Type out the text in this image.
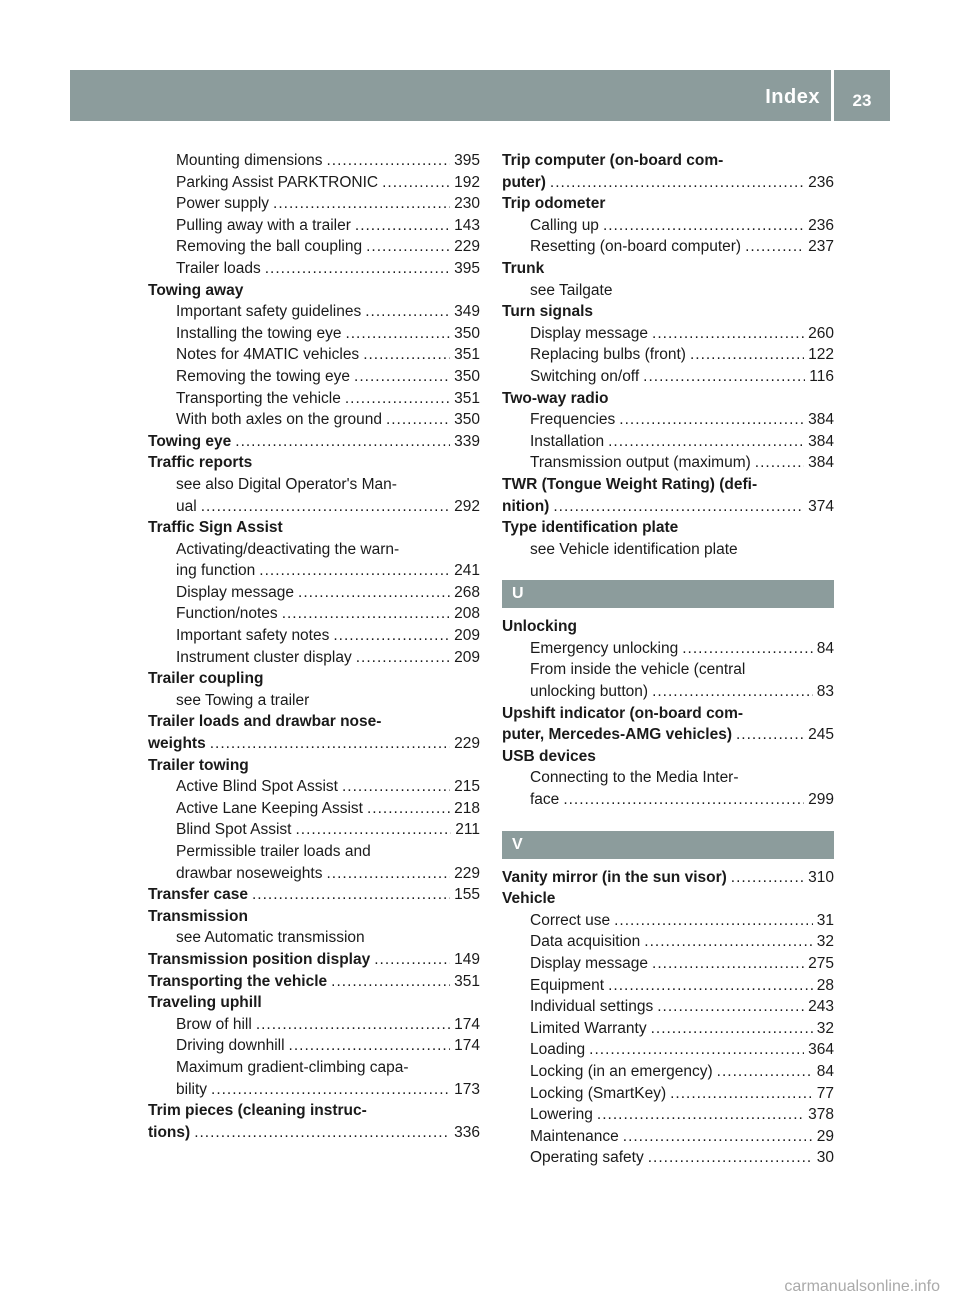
Index	23
Mounting dimensions .....	395
Parking Assist PARKTRONIC .....	192
Power supply .....	230
Pulling away with a trailer .....	143
Removing the ball coupling .....	229
Trailer loads .....	395
Towing away
Important safety guidelines .....	349
Installing the towing eye .....	350
Notes for 4MATIC vehicles .....	351
Removing the towing eye .....	350
Transporting the vehicle .....	351
With both axles on the ground .....	350
Towing eye .....	339
Traffic reports
see also Digital Operator's Man-
ual .....	292
Traffic Sign Assist
Activating/deactivating the warn-
ing function .....	241
Display message .....	268
Function/notes .....	208
Important safety notes .....	209
Instrument cluster display .....	209
Trailer coupling
see Towing a trailer
Trailer loads and drawbar nose-
weights .....	229
Trailer towing
Active Blind Spot Assist .....	215
Active Lane Keeping Assist .....	218
Blind Spot Assist .....	211
Permissible trailer loads and
drawbar noseweights .....	229
Transfer case .....	155
Transmission
see Automatic transmission
Transmission position display .....	149
Transporting the vehicle .....	351
Traveling uphill
Brow of hill .....	174
Driving downhill .....	174
Maximum gradient-climbing capa-
bility .....	173
Trim pieces (cleaning instruc-
tions) .....	336
Trip computer (on-board com-
puter) .....	236
Trip odometer
Calling up .....	236
Resetting (on-board computer) .....	237
Trunk
see Tailgate
Turn signals
Display message .....	260
Replacing bulbs (front) .....	122
Switching on/off .....	116
Two-way radio
Frequencies .....	384
Installation .....	384
Transmission output (maximum) .....	384
TWR (Tongue Weight Rating) (defi-
nition) .....	374
Type identification plate
see Vehicle identification plate
U
Unlocking
Emergency unlocking .....	84
From inside the vehicle (central
unlocking button) .....	83
Upshift indicator (on-board com-
puter, Mercedes-AMG vehicles) .....	245
USB devices
Connecting to the Media Inter-
face .....	299
V
Vanity mirror (in the sun visor) .....	310
Vehicle
Correct use .....	31
Data acquisition .....	32
Display message .....	275
Equipment .....	28
Individual settings .....	243
Limited Warranty .....	32
Loading .....	364
Locking (in an emergency) .....	84
Locking (SmartKey) .....	77
Lowering .....	378
Maintenance .....	29
Operating safety .....	30
carmanualsonline.info
